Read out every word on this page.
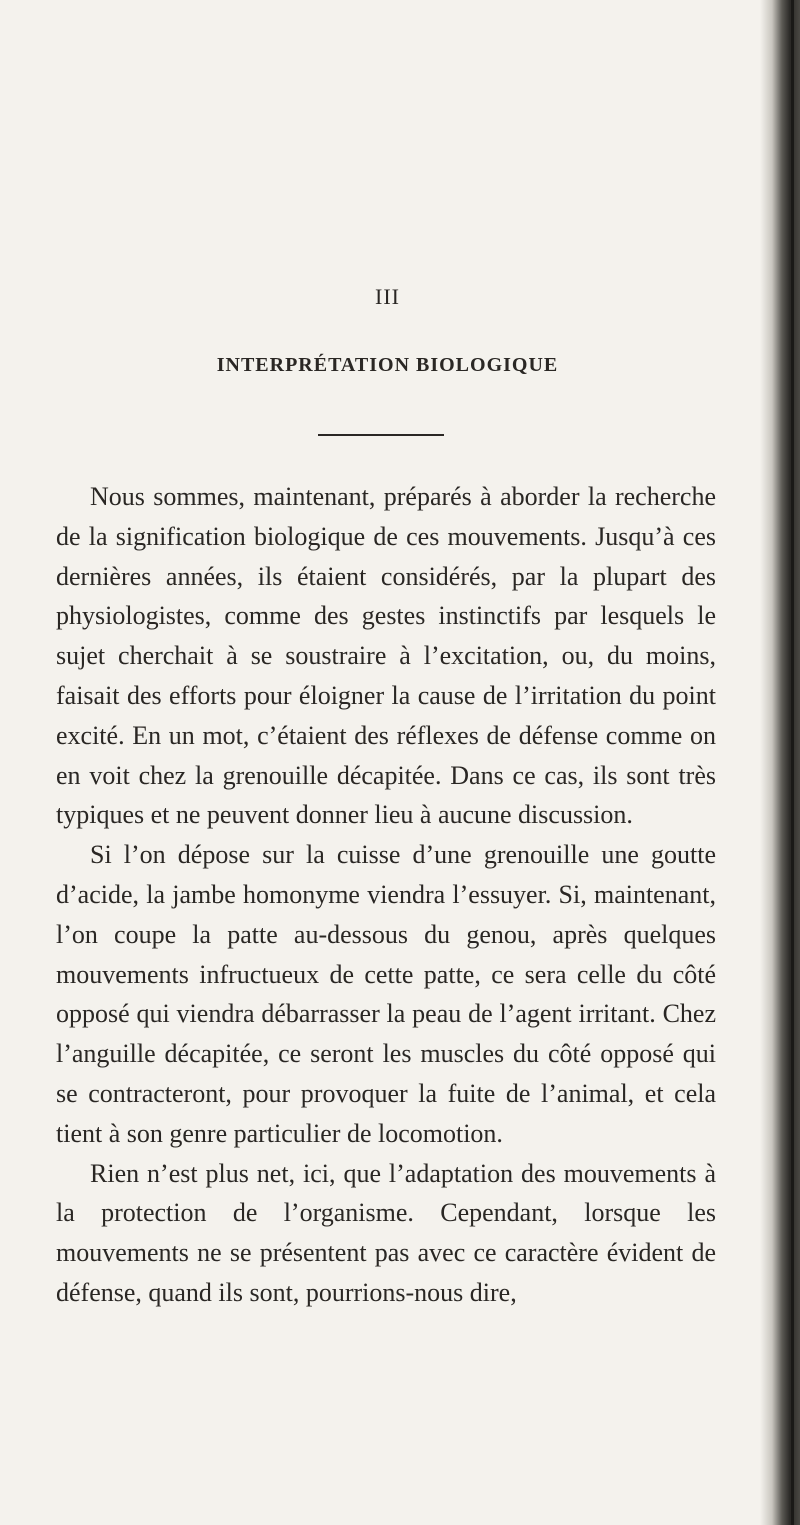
III
INTERPRÉTATION BIOLOGIQUE

Nous sommes, maintenant, préparés à aborder la recherche de la signification biologique de ces mouvements. Jusqu’à ces dernières années, ils étaient considérés, par la plupart des physiologistes, comme des gestes instinctifs par lesquels le sujet cherchait à se soustraire à l’excitation, ou, du moins, faisait des efforts pour éloigner la cause de l’irritation du point excité. En un mot, c’étaient des réflexes de défense comme on en voit chez la grenouille décapitée. Dans ce cas, ils sont très typiques et ne peuvent donner lieu à aucune discussion.

Si l’on dépose sur la cuisse d’une grenouille une goutte d’acide, la jambe homonyme viendra l’essuyer. Si, maintenant, l’on coupe la patte au-dessous du genou, après quelques mouvements infructueux de cette patte, ce sera celle du côté opposé qui viendra débarrasser la peau de l’agent irritant. Chez l’anguille décapitée, ce seront les muscles du côté opposé qui se contracteront, pour provoquer la fuite de l’animal, et cela tient à son genre particulier de locomotion.

Rien n’est plus net, ici, que l’adaptation des mouvements à la protection de l’organisme. Cependant, lorsque les mouvements ne se présentent pas avec ce caractère évident de défense, quand ils sont, pourrions-nous dire,
